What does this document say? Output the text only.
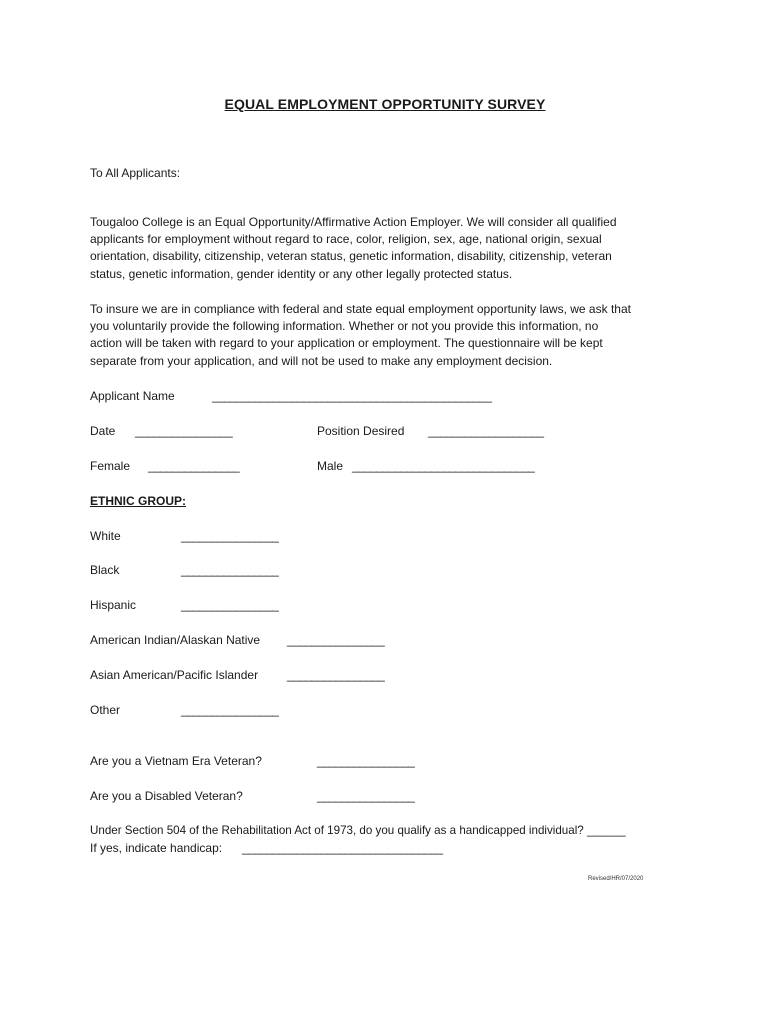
EQUAL EMPLOYMENT OPPORTUNITY SURVEY
To All Applicants:
Tougaloo College is an Equal Opportunity/Affirmative Action Employer. We will consider all qualified
applicants for employment without regard to race, color, religion, sex, age, national origin, sexual
orientation, disability, citizenship, veteran status, genetic information, disability, citizenship, veteran
status, genetic information, gender identity or any other legally protected status.
To insure we are in compliance with federal and state equal employment opportunity laws, we ask that
you voluntarily provide the following information. Whether or not you provide this information, no
action will be taken with regard to your application or employment. The questionnaire will be kept
separate from your application, and will not be used to make any employment decision.
Applicant Name	______________________________________________
Date ________________	Position Desired ___________________
Female _______________	Male ______________________________
ETHNIC GROUP:
White	________________
Black	________________
Hispanic	________________
American Indian/Alaskan Native ________________
Asian American/Pacific Islander ________________
Other	________________
Are you a Vietnam Era Veteran?	________________
Are you a Disabled Veteran?	________________
Under Section 504 of the Rehabilitation Act of 1973, do you qualify as a handicapped individual? ______
If yes, indicate handicap: _________________________________
Revised/HR/07/2020
